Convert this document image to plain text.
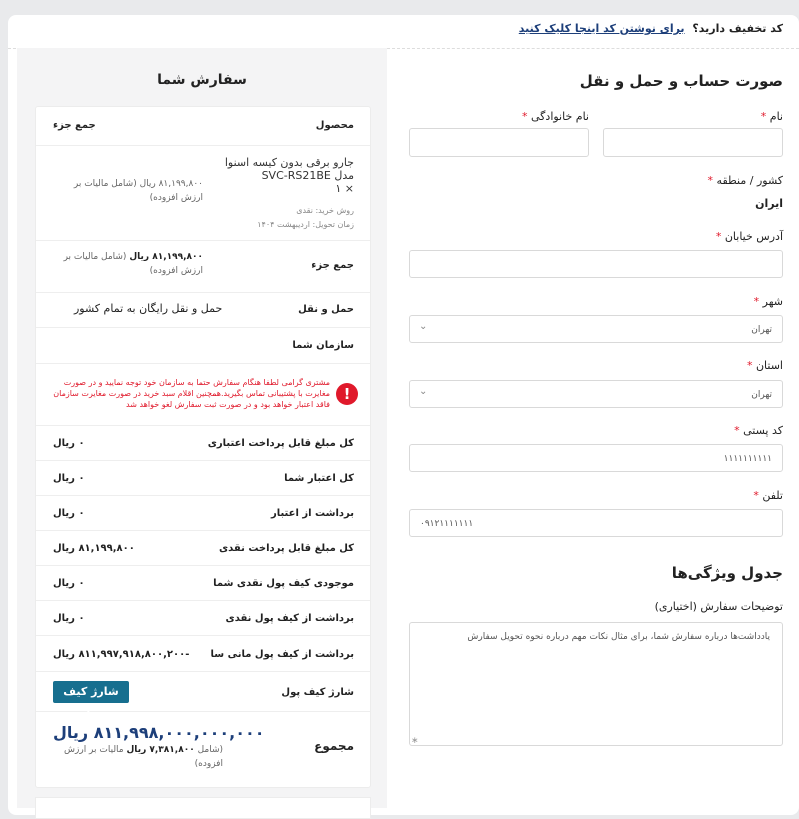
کد تخفیف دارید؟ برای نوشتن کد اینجا کلیک کنید
سفارش شما
محصول
جمع جزء
جارو برقی بدون کیسه اسنوا مدل SVC-RS21BE
× ۱
روش خرید: نقدی
زمان تحویل: اردیبهشت ۱۴۰۴
۸۱,۱۹۹,۸۰۰ ریال (شامل مالیات بر ارزش افزوده)
جمع جزء
۸۱,۱۹۹,۸۰۰ ریال (شامل مالیات بر ارزش افزوده)
حمل و نقل
حمل و نقل رایگان به تمام کشور
سازمان شما
!
مشتری گرامی لطفا هنگام سفارش حتما به سازمان خود توجه نمایید و در صورت مغایرت با پشتیبانی تماس بگیرید.همچنین اقلام سبد خرید در صورت مغایرت سازمان فاقد اعتبار خواهد بود و در صورت ثبت سفارش لغو خواهد شد
کل مبلغ قابل پرداخت اعتباری
۰ ریال
کل اعتبار شما
۰ ریال
برداشت از اعتبار
۰ ریال
کل مبلغ قابل پرداخت نقدی
۸۱,۱۹۹,۸۰۰ ریال
موجودی کیف پول نقدی شما
۰ ریال
برداشت از کیف پول نقدی
۰ ریال
برداشت از کیف پول مانی سا
-۸۱۱,۹۹۷,۹۱۸,۸۰۰,۲۰۰ ریال
شارژ کیف پول
شارژ کیف پول
مجموع
۸۱۱,۹۹۸,۰۰۰,۰۰۰,۰۰۰ ریال
(شامل ۷,۳۸۱,۸۰۰ ریال مالیات بر ارزش افزوده)
صورت حساب و حمل و نقل
نام *
نام خانوادگی *
کشور / منطقه *
ایران
آدرس خیابان *
شهر *
تهران
⌄
استان *
تهران
⌄
کد پستی *
۱۱۱۱۱۱۱۱۱۱
تلفن *
۰۹۱۲۱۱۱۱۱۱۱
جدول ویژگی‌ها
توضیحات سفارش (اختیاری)
یادداشت‌ها درباره سفارش شما، برای مثال نکات مهم درباره نحوه تحویل سفارش
∗
